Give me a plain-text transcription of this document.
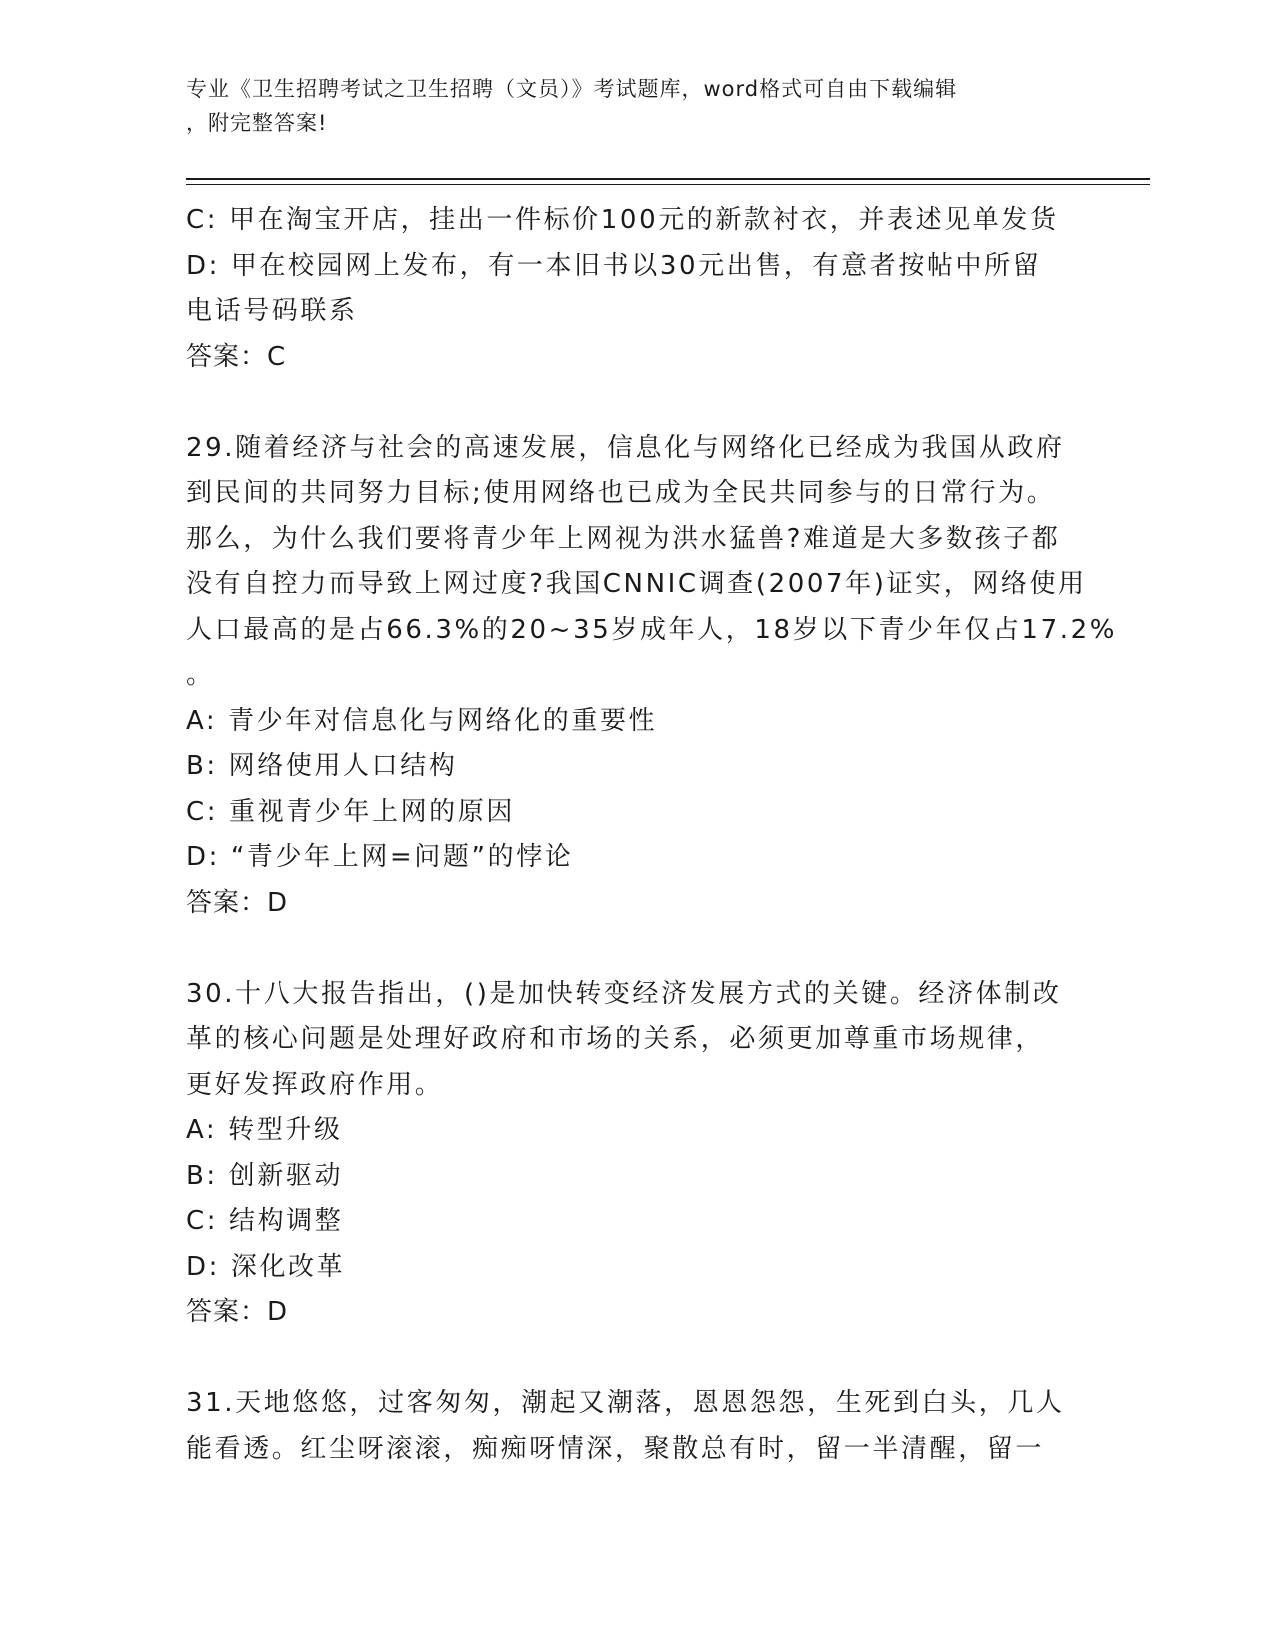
专业《卫生招聘考试之卫生招聘（文员）》考试题库，word格式可自由下载编辑
，附完整答案!
C: 甲在淘宝开店，挂出一件标价100元的新款衬衣，并表述见单发货
D: 甲在校园网上发布，有一本旧书以30元出售，有意者按帖中所留
电话号码联系
答案：C
29.随着经济与社会的高速发展，信息化与网络化已经成为我国从政府
到民间的共同努力目标;使用网络也已成为全民共同参与的日常行为。
那么，为什么我们要将青少年上网视为洪水猛兽?难道是大多数孩子都
没有自控力而导致上网过度?我国CNNIC调查(2007年)证实，网络使用
人口最高的是占66.3%的20~35岁成年人，18岁以下青少年仅占17.2%
。
A: 青少年对信息化与网络化的重要性
B: 网络使用人口结构
C: 重视青少年上网的原因
D: “青少年上网=问题”的悖论
答案：D
30.十八大报告指出，()是加快转变经济发展方式的关键。经济体制改
革的核心问题是处理好政府和市场的关系，必须更加尊重市场规律，
更好发挥政府作用。
A: 转型升级
B: 创新驱动
C: 结构调整
D: 深化改革
答案：D
31.天地悠悠，过客匆匆，潮起又潮落，恩恩怨怨，生死到白头，几人
能看透。红尘呀滚滚，痴痴呀情深，聚散总有时，留一半清醒，留一
